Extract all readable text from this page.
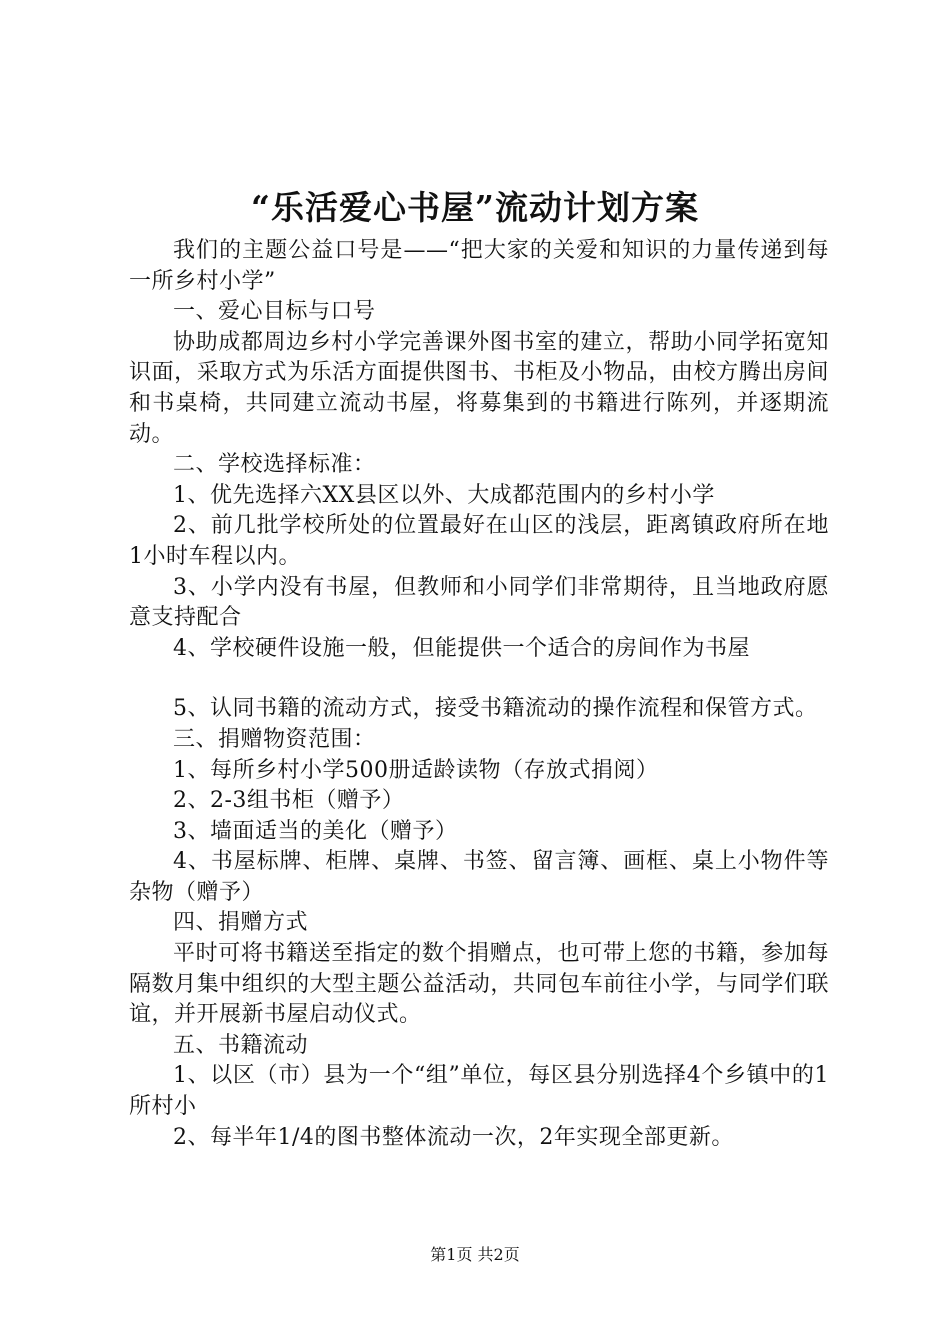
“乐活爱心书屋”流动计划方案

我们的主题公益口号是——“把大家的关爱和知识的力量传递到每一所乡村小学”

一、爱心目标与口号

协助成都周边乡村小学完善课外图书室的建立，帮助小同学拓宽知识面，采取方式为乐活方面提供图书、书柜及小物品，由校方腾出房间和书桌椅，共同建立流动书屋，将募集到的书籍进行陈列，并逐期流动。

二、学校选择标准：

1、优先选择六XX县区以外、大成都范围内的乡村小学

2、前几批学校所处的位置最好在山区的浅层，距离镇政府所在地1小时车程以内。

3、小学内没有书屋，但教师和小同学们非常期待，且当地政府愿意支持配合

4、学校硬件设施一般，但能提供一个适合的房间作为书屋

5、认同书籍的流动方式，接受书籍流动的操作流程和保管方式。

三、捐赠物资范围：

1、每所乡村小学500册适龄读物（存放式捐阅）

2、2-3组书柜（赠予）

3、墙面适当的美化（赠予）

4、书屋标牌、柜牌、桌牌、书签、留言簿、画框、桌上小物件等杂物（赠予）

四、捐赠方式

平时可将书籍送至指定的数个捐赠点，也可带上您的书籍，参加每隔数月集中组织的大型主题公益活动，共同包车前往小学，与同学们联谊，并开展新书屋启动仪式。

五、书籍流动

1、以区（市）县为一个“组”单位，每区县分别选择4个乡镇中的1所村小

2、每半年1/4的图书整体流动一次，2年实现全部更新。

第1页 共2页
